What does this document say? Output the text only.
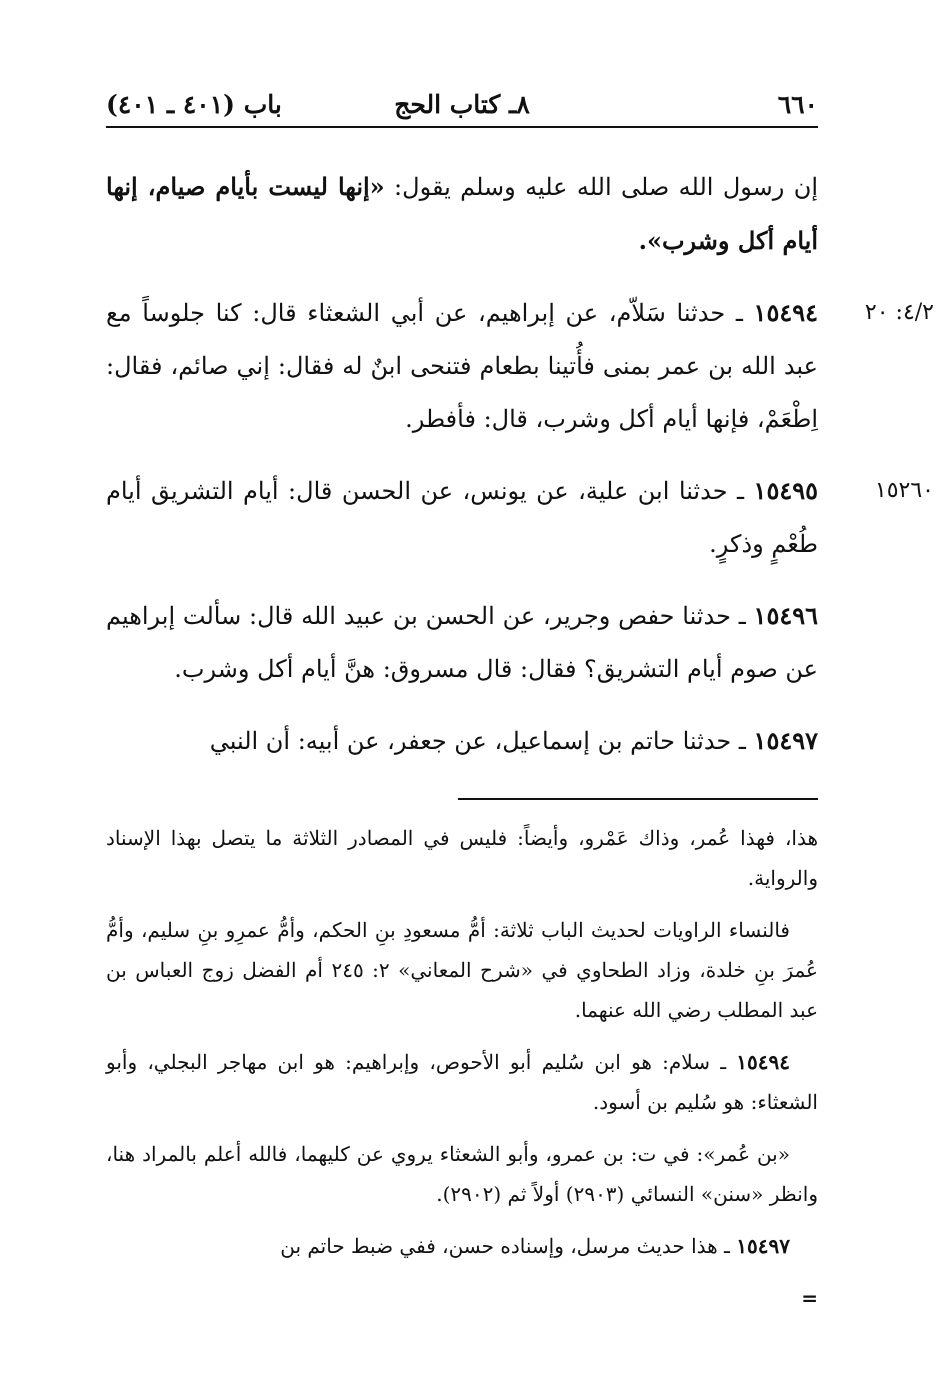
٦٦٠
٨ـ كتاب الحج
باب (٤٠١ ـ ٤٠١)

إن رسول الله صلى الله عليه وسلم يقول: «إنها ليست بأيام صيام، إنها أيام أكل وشرب».

٤/٢: ٢٠
١٥٤٩٤ ـ حدثنا سَلاّم، عن إبراهيم، عن أبي الشعثاء قال: كنا جلوساً مع عبد الله بن عمر بمنى فأُتينا بطعام فتنحى ابنٌ له فقال: إني صائم، فقال: اِطْعَمْ، فإنها أيام أكل وشرب، قال: فأفطر.

١٥٢٦٠
١٥٤٩٥ ـ حدثنا ابن علية، عن يونس، عن الحسن قال: أيام التشريق أيام طُعْمٍ وذكرٍ.

١٥٤٩٦ ـ حدثنا حفص وجرير، عن الحسن بن عبيد الله قال: سألت إبراهيم عن صوم أيام التشريق؟ فقال: قال مسروق: هنَّ أيام أكل وشرب.

١٥٤٩٧ ـ حدثنا حاتم بن إسماعيل، عن جعفر، عن أبيه: أن النبي

هذا، فهذا عُمر، وذاك عَمْرو، وأيضاً: فليس في المصادر الثلاثة ما يتصل بهذا الإسناد والرواية.

فالنساء الراويات لحديث الباب ثلاثة: أمُّ مسعودِ بنِ الحكم، وأمُّ عمرِو بنِ سليم، وأمُّ عُمرَ بنِ خلدة، وزاد الطحاوي في «شرح المعاني» ٢: ٢٤٥ أم الفضل زوج العباس بن عبد المطلب رضي الله عنهما.

١٥٤٩٤ ـ سلام: هو ابن سُليم أبو الأحوص، وإبراهيم: هو ابن مهاجر البجلي، وأبو الشعثاء: هو سُليم بن أسود.

«بن عُمر»: في ت: بن عمرو، وأبو الشعثاء يروي عن كليهما، فالله أعلم بالمراد هنا، وانظر «سنن» النسائي (٢٩٠٣) أولاً ثم (٢٩٠٢).

١٥٤٩٧ ـ هذا حديث مرسل، وإسناده حسن، ففي ضبط حاتم بن

=
